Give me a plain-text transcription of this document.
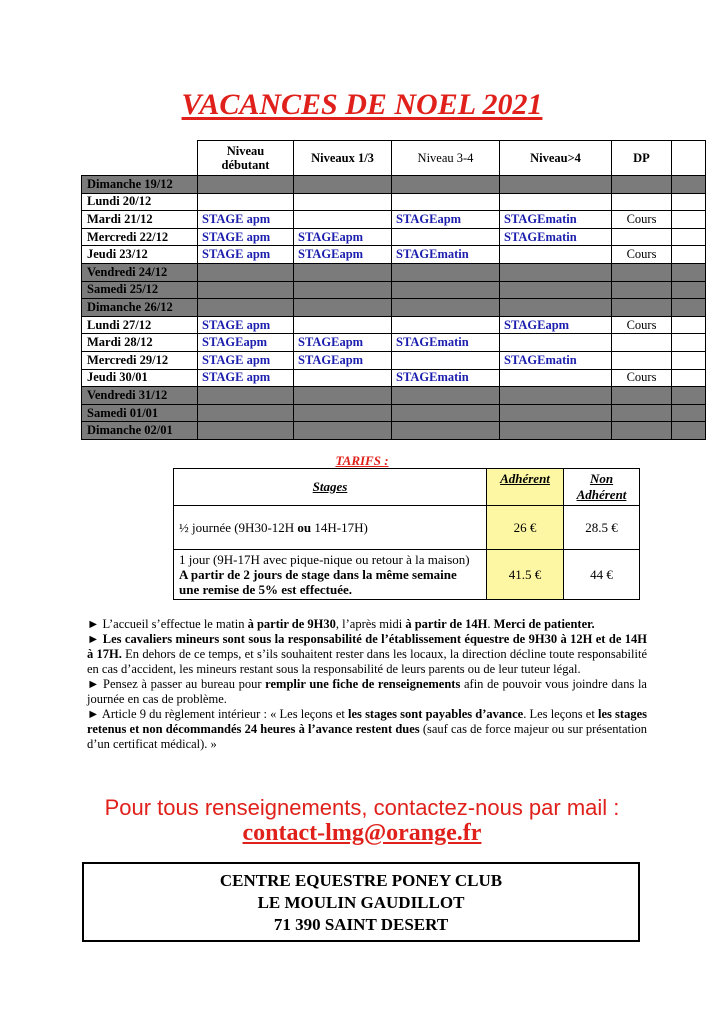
VACANCES DE NOEL 2021
	Niveau débutant	Niveaux 1/3	Niveau 3-4	Niveau>4	DP	
Dimanche 19/12						
Lundi 20/12						
Mardi 21/12	STAGE apm		STAGEapm	STAGEmatin	Cours	
Mercredi 22/12	STAGE apm	STAGEapm		STAGEmatin		
Jeudi 23/12	STAGE apm	STAGEapm	STAGEmatin		Cours	
Vendredi 24/12						
Samedi 25/12						
Dimanche 26/12						
Lundi 27/12	STAGE apm			STAGEapm	Cours	
Mardi 28/12	STAGEapm	STAGEapm	STAGEmatin			
Mercredi 29/12	STAGE apm	STAGEapm		STAGEmatin		
Jeudi 30/01	STAGE apm		STAGEmatin		Cours	
Vendredi 31/12						
Samedi 01/01						
Dimanche 02/01						
TARIFS :
Stages	Adhérent	Non Adhérent
½ journée (9H30-12H ou 14H-17H)	26 €	28.5 €

1 jour (9H-17H avec pique-nique ou retour à la maison)
A partir de 2 jours de stage dans la même semaine
une remise de 5% est effectuée.	41.5 €	44 €

► L’accueil s’effectue le matin à partir de 9H30, l’après midi à partir de 14H. Merci de patienter.

► Les cavaliers mineurs sont sous la responsabilité de l’établissement équestre de 9H30 à 12H et de 14H à 17H. En dehors de ce temps, et s’ils souhaitent rester dans les locaux, la direction décline toute responsabilité en cas d’accident, les mineurs restant sous la responsabilité de leurs parents ou de leur tuteur légal.

► Pensez à passer au bureau pour remplir une fiche de renseignements afin de pouvoir vous joindre dans la journée en cas de problème.

► Article 9 du règlement intérieur : « Les leçons et les stages sont payables d’avance. Les leçons et les stages retenus et non décommandés 24 heures à l’avance restent dues (sauf cas de force majeur ou sur présentation d’un certificat médical). »

Pour tous renseignements, contactez-nous par mail :
contact-lmg@orange.fr
CENTRE EQUESTRE PONEY CLUB
LE MOULIN GAUDILLOT
71 390 SAINT DESERT
